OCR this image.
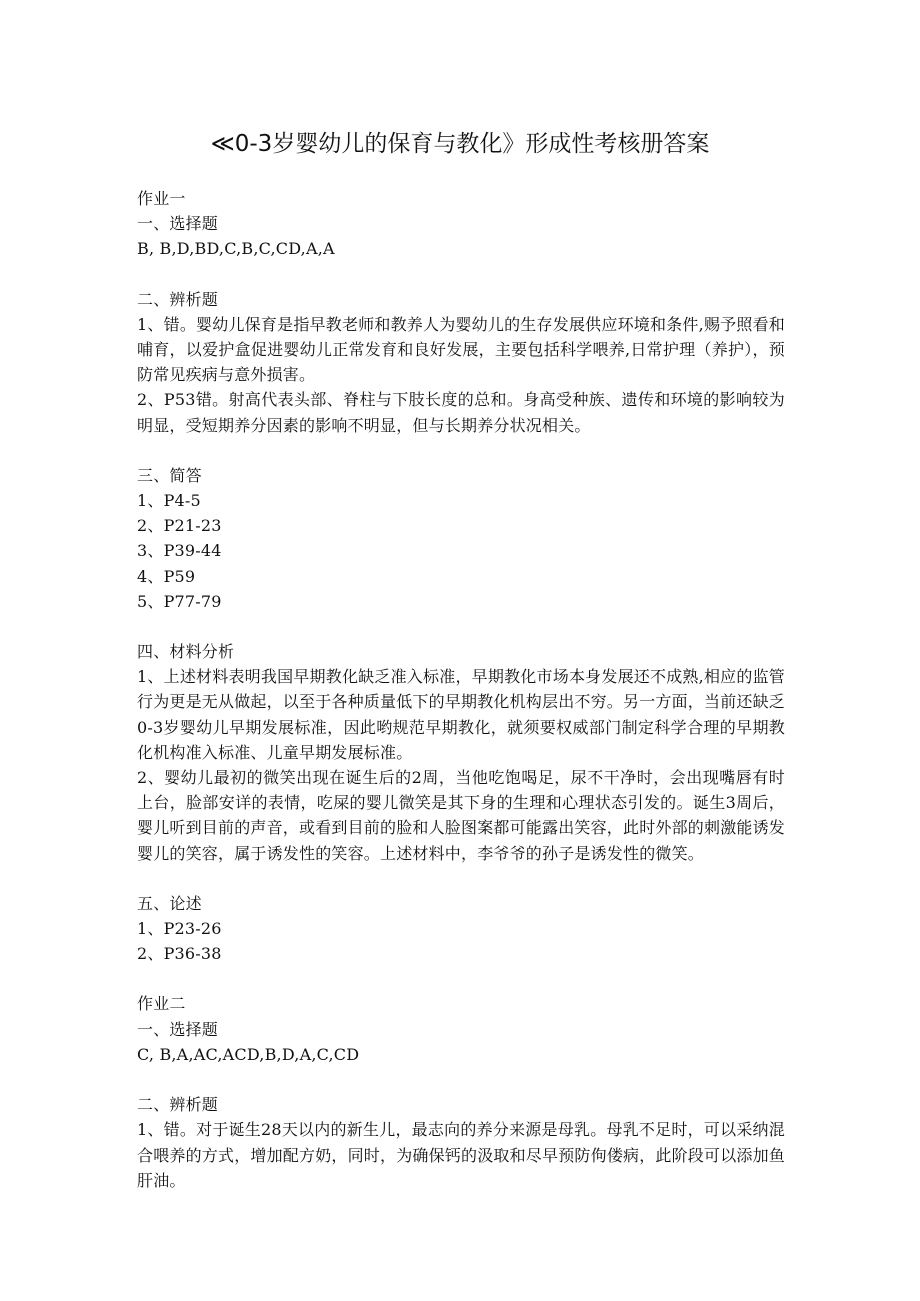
≪0-3岁婴幼儿的保育与教化》形成性考核册答案
作业一
一、选择题
B, B,D,BD,C,B,C,CD,A,A
二、辨析题
1、错。婴幼儿保育是指早教老师和教养人为婴幼儿的生存发展供应环境和条件,赐予照看和哺育，以爱护盒促进婴幼儿正常发育和良好发展，主要包括科学喂养,日常护理（养护），预防常见疾病与意外损害。
2、P53错。射高代表头部、脊柱与下肢长度的总和。身高受种族、遗传和环境的影响较为明显，受短期养分因素的影响不明显，但与长期养分状况相关。
三、简答
1、P4-5
2、P21-23
3、P39-44
4、P59
5、P77-79
四、材料分析
1、上述材料表明我国早期教化缺乏准入标准，早期教化市场本身发展还不成熟,相应的监管行为更是无从做起，以至于各种质量低下的早期教化机构层出不穷。另一方面，当前还缺乏0-3岁婴幼儿早期发展标准，因此哟规范早期教化，就须要权威部门制定科学合理的早期教化机构准入标准、儿童早期发展标准。
2、婴幼儿最初的微笑出现在诞生后的2周，当他吃饱喝足，尿不干净时，会出现嘴唇有时上台，脸部安详的表情，吃屎的婴儿微笑是其下身的生理和心理状态引发的。诞生3周后，婴儿听到目前的声音，或看到目前的脸和人脸图案都可能露出笑容，此时外部的刺激能诱发婴儿的笑容，属于诱发性的笑容。上述材料中，李爷爷的孙子是诱发性的微笑。
五、论述
1、P23-26
2、P36-38
作业二
一、选择题
C, B,A,AC,ACD,B,D,A,C,CD
二、辨析题
1、错。对于诞生28天以内的新生儿，最志向的养分来源是母乳。母乳不足时，可以采纳混合喂养的方式，增加配方奶，同时，为确保钙的汲取和尽早预防佝偻病，此阶段可以添加鱼肝油。
